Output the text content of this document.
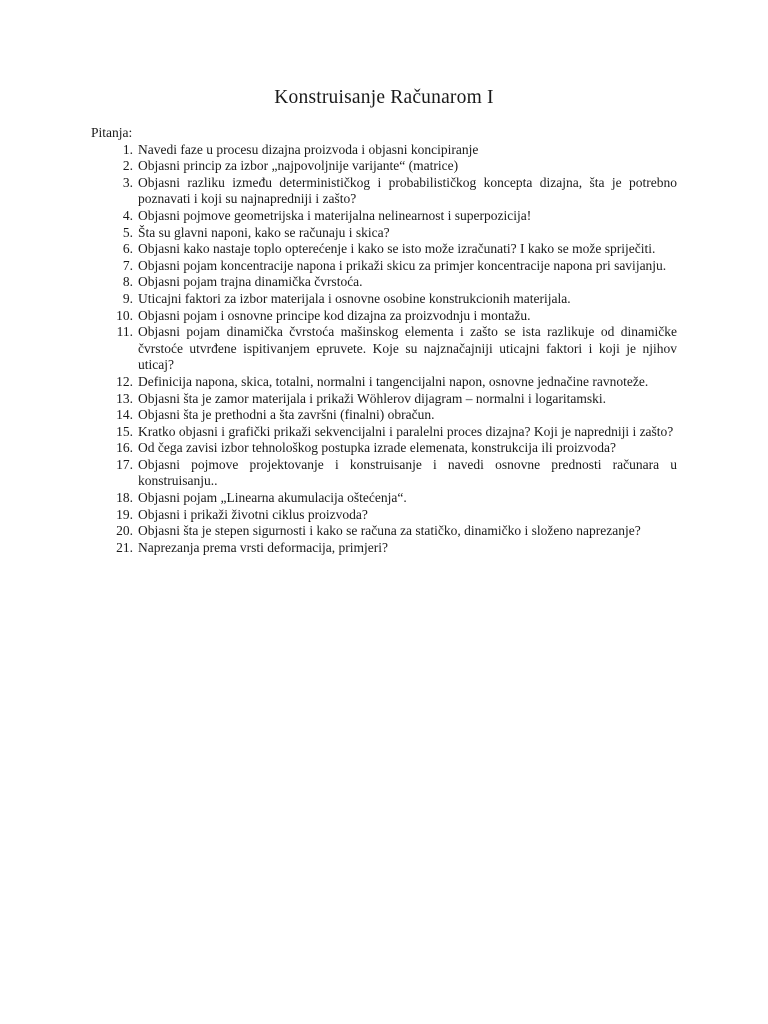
Konstruisanje Računarom I
Pitanja:
1. Navedi faze u procesu dizajna proizvoda i objasni koncipiranje
2. Objasni princip za izbor „najpovoljnije varijante“ (matrice)
3. Objasni razliku između determinističkog i probabilističkog koncepta dizajna, šta je potrebno poznavati i koji su najnapredniji i zašto?
4. Objasni pojmove geometrijska i materijalna nelinearnost i superpozicija!
5. Šta su glavni naponi, kako se računaju i skica?
6. Objasni kako nastaje toplo opterećenje i kako se isto može izračunati? I kako se može spriječiti.
7. Objasni pojam koncentracije napona i prikaži skicu za primjer koncentracije napona pri savijanju.
8. Objasni pojam trajna dinamička čvrstoća.
9. Uticajni faktori za izbor materijala i osnovne osobine konstrukcionih materijala.
10. Objasni pojam i osnovne principe kod dizajna za proizvodnju i montažu.
11. Objasni pojam dinamička čvrstoća mašinskog elementa i zašto se ista razlikuje od dinamičke čvrstoće utvrđene ispitivanjem epruvete. Koje su najznačajniji uticajni faktori i koji je njihov uticaj?
12. Definicija napona, skica, totalni, normalni i tangencijalni napon, osnovne jednačine ravnoteže.
13. Objasni šta je zamor materijala i prikaži Wöhlerov dijagram – normalni i logaritamski.
14. Objasni šta je prethodni a šta završni (finalni) obračun.
15. Kratko objasni i grafički prikaži sekvencijalni i paralelni proces dizajna? Koji je napredniji i zašto?
16. Od čega zavisi izbor tehnološkog postupka izrade elemenata, konstrukcija ili proizvoda?
17. Objasni pojmove projektovanje i konstruisanje i navedi osnovne prednosti računara u konstruisanju..
18. Objasni pojam „Linearna akumulacija oštećenja“.
19. Objasni i prikaži životni ciklus proizvoda?
20. Objasni šta je stepen sigurnosti i kako se računa za statičko, dinamičko i složeno naprezanje?
21. Naprezanja prema vrsti deformacija, primjeri?
